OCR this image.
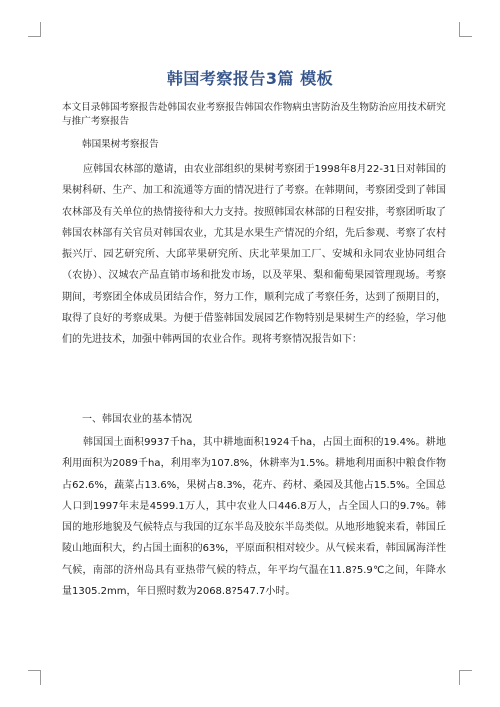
韩国考察报告3篇 模板

本文目录韩国考察报告赴韩国农业考察报告韩国农作物病虫害防治及生物防治应用技术研究与推广考察报告

韩国果树考察报告

应韩国农林部的邀请，由农业部组织的果树考察团于1998年8月22-31日对韩国的果树科研、生产、加工和流通等方面的情况进行了考察。在韩期间，考察团受到了韩国农林部及有关单位的热情接待和大力支持。按照韩国农林部的日程安排，考察团听取了韩国农林部有关官员对韩国农业，尤其是水果生产情况的介绍，先后参观、考察了农村振兴厅、园艺研究所、大邱苹果研究所、庆北苹果加工厂、安城和永同农业协同组合（农协）、汉城农产品直销市场和批发市场，以及苹果、梨和葡萄果园管理现场。考察期间，考察团全体成员团结合作，努力工作，顺利完成了考察任务，达到了预期目的，取得了良好的考察成果。为便于借鉴韩国发展园艺作物特别是果树生产的经验，学习他们的先进技术，加强中韩两国的农业合作。现将考察情况报告如下：

一、韩国农业的基本情况

韩国国土面积9937千ha，其中耕地面积1924千ha，占国土面积的19.4%。耕地利用面积为2089千ha，利用率为107.8%，休耕率为1.5%。耕地利用面积中粮食作物占62.6%，蔬菜占13.6%，果树占8.3%，花卉、药材、桑园及其他占15.5%。全国总人口到1997年末是4599.1万人，其中农业人口446.8万人，占全国人口的9.7%。韩国的地形地貌及气候特点与我国的辽东半岛及胶东半岛类似。从地形地貌来看，韩国丘陵山地面积大，约占国土面积的63%，平原面积相对较少。从气候来看，韩国属海洋性气候，南部的济州岛具有亚热带气候的特点，年平均气温在11.8?5.9℃之间，年降水量1305.2mm，年日照时数为2068.8?547.7小时。
